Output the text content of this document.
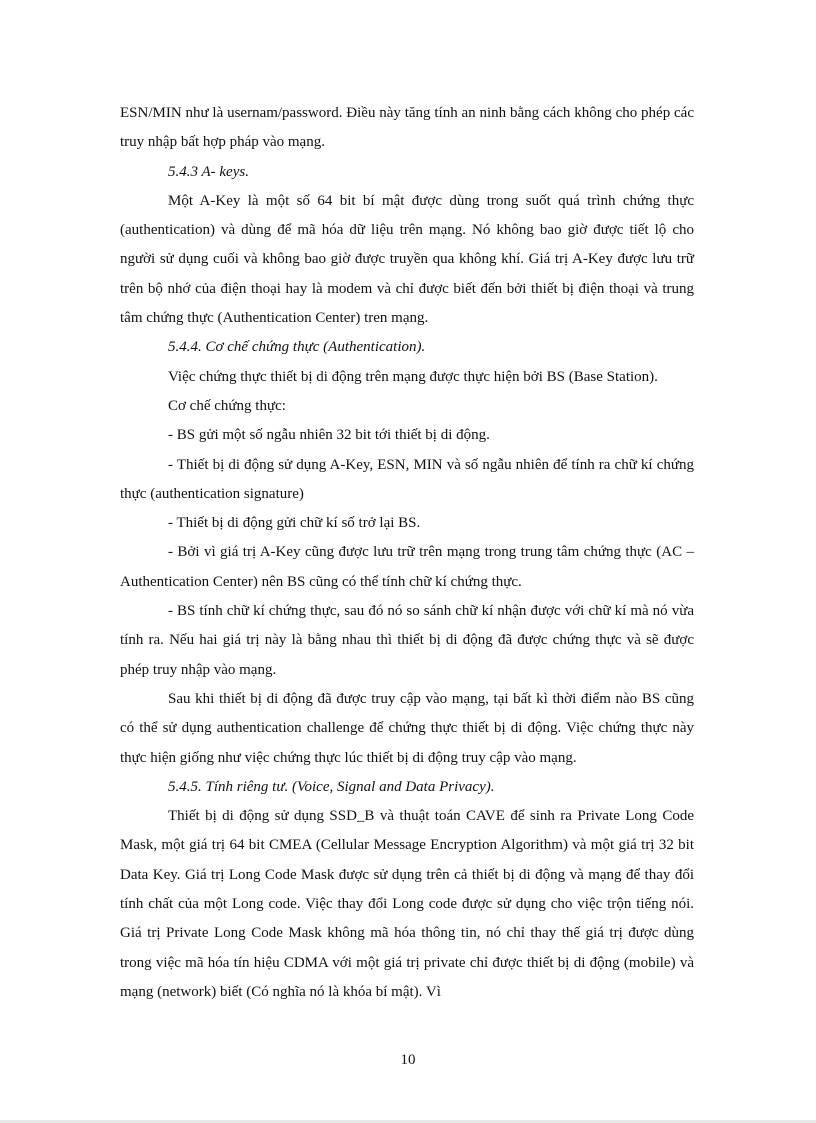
ESN/MIN như là usernam/password. Điều này tăng tính an ninh bằng cách không cho phép các truy nhập bất hợp pháp vào mạng.

5.4.3 A- keys.

Một A-Key là một số 64 bit bí mật được dùng trong suốt quá trình chứng thực (authentication) và dùng để mã hóa dữ liệu trên mạng. Nó không bao giờ được tiết lộ cho người sử dụng cuối và không bao giờ được truyền qua không khí. Giá trị A-Key được lưu trữ trên bộ nhớ của điện thoại hay là modem và chỉ được biết đến bởi thiết bị điện thoại và trung tâm chứng thực (Authentication Center) tren mạng.

5.4.4. Cơ chế chứng thực (Authentication).

Việc chứng thực thiết bị di động trên mạng được thực hiện bởi BS (Base Station).

Cơ chế chứng thực:

- BS gửi một số ngẫu nhiên 32 bit tới thiết bị di động.

- Thiết bị di động sử dụng A-Key, ESN, MIN và số ngẫu nhiên để tính ra chữ kí chứng thực (authentication signature)

- Thiết bị di động gửi chữ kí số trở lại BS.

- Bởi vì giá trị A-Key cũng được lưu trữ trên mạng trong trung tâm chứng thực (AC – Authentication Center) nên BS cũng có thể tính chữ kí chứng thực.

- BS tính chữ kí chứng thực, sau đó nó so sánh chữ kí nhận được với chữ kí mà nó vừa tính ra. Nếu hai giá trị này là bằng nhau thì thiết bị di động đã được chứng thực và sẽ được phép truy nhập vào mạng.

Sau khi thiết bị di động đã được truy cập vào mạng, tại bất kì thời điểm nào BS cũng có thể sử dụng authentication challenge để chứng thực thiết bị di động. Việc chứng thực này thực hiện giống như việc chứng thực lúc thiết bị di động truy cập vào mạng.

5.4.5. Tính riêng tư. (Voice, Signal and Data Privacy).

Thiết bị di động sử dụng SSD_B và thuật toán CAVE để sinh ra Private Long Code Mask, một giá trị 64 bit CMEA (Cellular Message Encryption Algorithm) và một giá trị 32 bit Data Key. Giá trị Long Code Mask được sử dụng trên cả thiết bị di động và mạng để thay đổi tính chất của một Long code. Việc thay đổi Long code được sử dụng cho việc trộn tiếng nói. Giá trị Private Long Code Mask không mã hóa thông tin, nó chỉ thay thế giá trị được dùng trong việc mã hóa tín hiệu CDMA với một giá trị private chỉ được thiết bị di động (mobile) và mạng (network) biết (Có nghĩa nó là khóa bí mật). Vì

10
